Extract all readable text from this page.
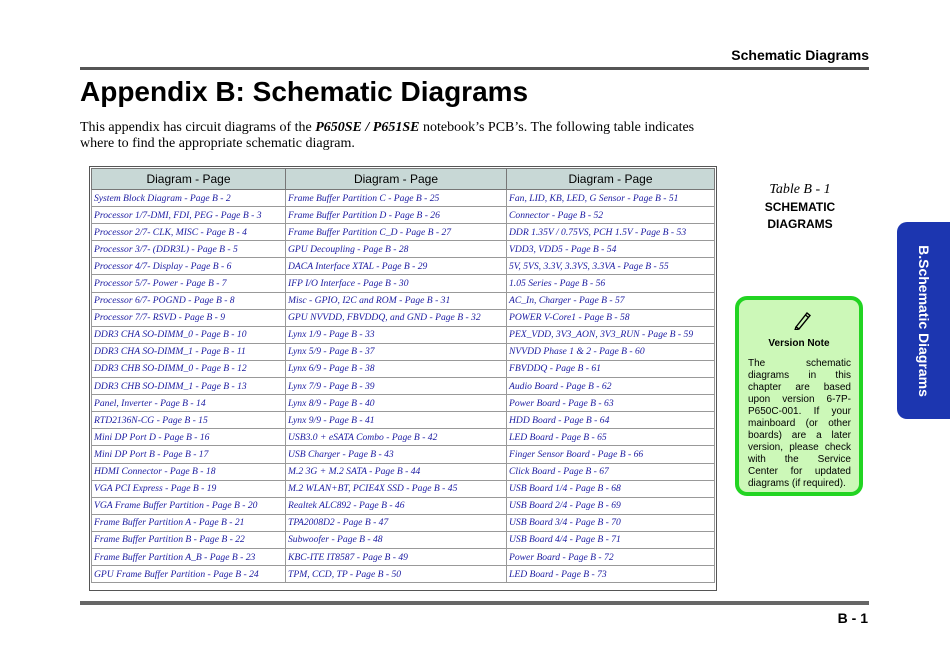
Schematic Diagrams
Appendix B: Schematic Diagrams

This appendix has circuit diagrams of the P650SE / P651SE notebook’s PCB’s. The following table indicates where to find the appropriate schematic diagram.

Diagram - Page	Diagram - Page	Diagram - Page
System Block Diagram - Page B - 2	Frame Buffer Partition C - Page B - 25	Fan, LID, KB, LED, G Sensor - Page B - 51
Processor 1/7-DMI, FDI, PEG - Page B - 3	Frame Buffer Partition D - Page B - 26	Connector - Page B - 52
Processor 2/7- CLK, MISC - Page B - 4	Frame Buffer Partition C_D - Page B - 27	DDR 1.35V / 0.75VS, PCH 1.5V - Page B - 53
Processor 3/7- (DDR3L) - Page B - 5	GPU Decoupling - Page B - 28	VDD3, VDD5 - Page B - 54
Processor 4/7- Display - Page B - 6	DACA Interface XTAL - Page B - 29	5V, 5VS, 3.3V, 3.3VS, 3.3VA - Page B - 55
Processor 5/7- Power - Page B - 7	IFP I/O Interface - Page B - 30	1.05 Series - Page B - 56
Processor 6/7- POGND - Page B - 8	Misc - GPIO, I2C and ROM - Page B - 31	AC_In, Charger - Page B - 57
Processor 7/7- RSVD - Page B - 9	GPU NVVDD, FBVDDQ, and GND - Page B - 32	POWER V-Core1 - Page B - 58
DDR3 CHA SO-DIMM_0 - Page B - 10	Lynx 1/9 - Page B - 33	PEX_VDD, 3V3_AON, 3V3_RUN - Page B - 59
DDR3 CHA SO-DIMM_1 - Page B - 11	Lynx 5/9 - Page B - 37	NVVDD Phase 1 & 2 - Page B - 60
DDR3 CHB SO-DIMM_0 - Page B - 12	Lynx 6/9 - Page B - 38	FBVDDQ - Page B - 61
DDR3 CHB SO-DIMM_1 - Page B - 13	Lynx 7/9 - Page B - 39	Audio Board - Page B - 62
Panel, Inverter - Page B - 14	Lynx 8/9 - Page B - 40	Power Board - Page B - 63
RTD2136N-CG - Page B - 15	Lynx 9/9 - Page B - 41	HDD Board - Page B - 64
Mini DP Port D - Page B - 16	USB3.0 + eSATA Combo - Page B - 42	LED Board - Page B - 65
Mini DP Port B - Page B - 17	USB Charger - Page B - 43	Finger Sensor Board - Page B - 66
HDMI Connector - Page B - 18	M.2 3G + M.2 SATA - Page B - 44	Click Board - Page B - 67
VGA PCI Express - Page B - 19	M.2 WLAN+BT, PCIE4X SSD - Page B - 45	USB Board 1/4 - Page B - 68
VGA Frame Buffer Partition - Page B - 20	Realtek ALC892 - Page B - 46	USB Board 2/4 - Page B - 69
Frame Buffer Partition A - Page B - 21	TPA2008D2 - Page B - 47	USB Board 3/4 - Page B - 70
Frame Buffer Partition B - Page B - 22	Subwoofer - Page B - 48	USB Board 4/4 - Page B - 71
Frame Buffer Partition A_B - Page B - 23	KBC-ITE IT8587 - Page B - 49	Power Board - Page B - 72
GPU Frame Buffer Partition - Page B - 24	TPM, CCD, TP - Page B - 50	LED Board - Page B - 73
Table B - 1
SCHEMATIC
DIAGRAMS
Version Note
The schematic diagrams in this chapter are based upon version 6-7P-P650C-001. If your mainboard (or other boards) are a later version, please check with the Service Center for updated diagrams (if required).
B.Schematic Diagrams
B - 1
